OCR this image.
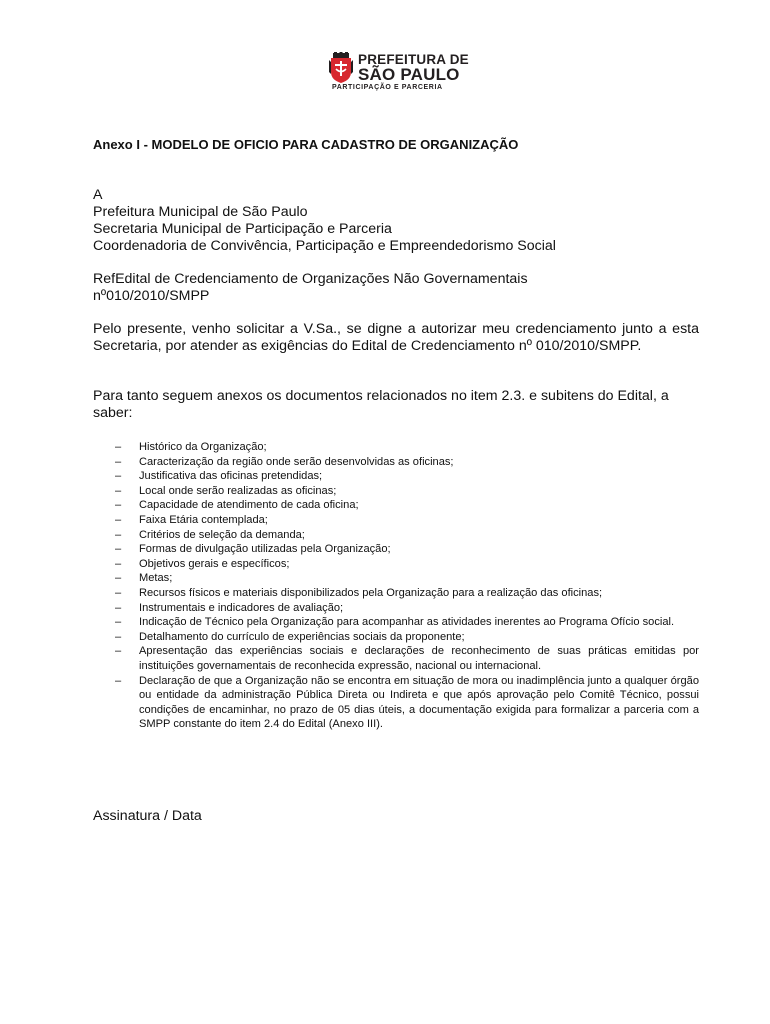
PREFEITURA DE
SÃO PAULO
PARTICIPAÇÃO E PARCERIA
Anexo I - MODELO DE OFICIO PARA CADASTRO DE ORGANIZAÇÃO

A

Prefeitura Municipal de São Paulo

Secretaria Municipal de Participação e Parceria

Coordenadoria de Convivência, Participação e Empreendedorismo Social

RefEdital de Credenciamento de Organizações Não Governamentais

nº010/2010/SMPP

Pelo presente, venho solicitar a V.Sa., se digne a autorizar meu credenciamento junto a esta Secretaria, por atender as exigências do Edital de Credenciamento nº 010/2010/SMPP.
Para tanto seguem anexos os documentos relacionados no item 2.3. e subitens do Edital, a saber:
– Histórico da Organização;
– Caracterização da região onde serão desenvolvidas as oficinas;
– Justificativa das oficinas pretendidas;
– Local onde serão realizadas as oficinas;
– Capacidade de atendimento de cada oficina;
– Faixa Etária contemplada;
– Critérios de seleção da demanda;
– Formas de divulgação utilizadas pela Organização;
– Objetivos gerais e específicos;
– Metas;
– Recursos físicos e materiais disponibilizados pela Organização para a realização das oficinas;
– Instrumentais e indicadores de avaliação;
– Indicação de Técnico pela Organização para acompanhar as atividades inerentes ao Programa Ofício social.
– Detalhamento do currículo de experiências sociais da proponente;
– Apresentação das experiências sociais e declarações de reconhecimento de suas práticas emitidas por instituições governamentais de reconhecida expressão, nacional ou internacional.
– Declaração de que a Organização não se encontra em situação de mora ou inadimplência junto a qualquer órgão ou entidade da administração Pública Direta ou Indireta e que após aprovação pelo Comitê Técnico, possui condições de encaminhar, no prazo de 05 dias úteis, a documentação exigida para formalizar a parceria com a SMPP constante do item 2.4 do Edital (Anexo III).
Assinatura / Data
